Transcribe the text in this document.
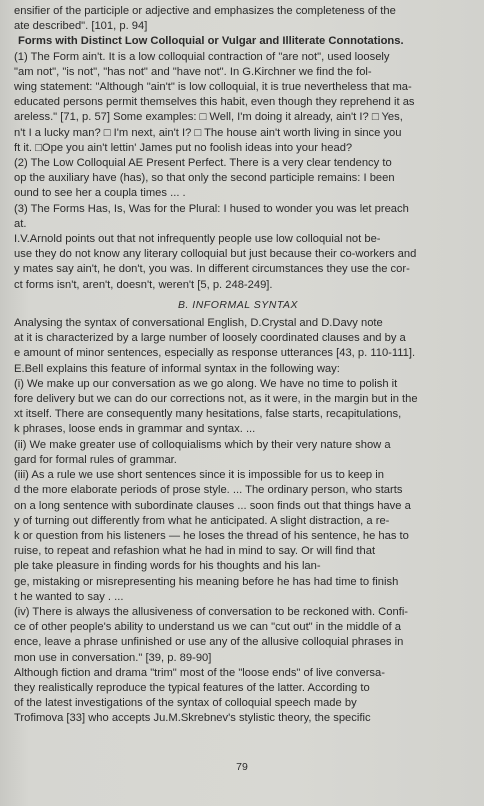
ensifier of the participle or adjective and emphasizes the completeness of the

ate described". [101, p. 94]

Forms with Distinct Low Colloquial or Vulgar and Illiterate Connotations.

(1) The Form ain't. It is a low colloquial contraction of "are not", used loosely

"am not", "is not", "has not" and "have not". In G.Kirchner we find the fol-

wing statement: "Although "ain't" is low colloquial, it is true nevertheless that ma-

educated persons permit themselves this habit, even though they reprehend it as

areless." [71, p. 57] Some examples: □ Well, I'm doing it already, ain't I? □ Yes,

n't I a lucky man? □ I'm next, ain't I? □ The house ain't worth living in since you

ft it. □Ope you ain't lettin' James put no foolish ideas into your head?

(2) The Low Colloquial AE Present Perfect. There is a very clear tendency to

op the auxiliary have (has), so that only the second participle remains: I been

ound to see her a coupla times ... .

(3) The Forms Has, Is, Was for the Plural: I hused to wonder you was let preach

at.

I.V.Arnold points out that not infrequently people use low colloquial not be-

use they do not know any literary colloquial but just because their co-workers and

y mates say ain't, he don't, you was. In different circumstances they use the cor-

ct forms isn't, aren't, doesn't, weren't [5, p. 248-249].

B. INFORMAL SYNTAX

Analysing the syntax of conversational English, D.Crystal and D.Davy note

at it is characterized by a large number of loosely coordinated clauses and by a

e amount of minor sentences, especially as response utterances [43, p. 110-111].

E.Bell explains this feature of informal syntax in the following way:

(i) We make up our conversation as we go along. We have no time to polish it

fore delivery but we can do our corrections not, as it were, in the margin but in the

xt itself. There are consequently many hesitations, false starts, recapitulations,

k phrases, loose ends in grammar and syntax. ...

(ii) We make greater use of colloquialisms which by their very nature show a

gard for formal rules of grammar.

(iii) As a rule we use short sentences since it is impossible for us to keep in

d the more elaborate periods of prose style. ... The ordinary person, who starts

on a long sentence with subordinate clauses ... soon finds out that things have a

y of turning out differently from what he anticipated. A slight distraction, a re-

k or question from his listeners — he loses the thread of his sentence, he has to

ruise, to repeat and refashion what he had in mind to say. Or will find that

ple take pleasure in finding words for his thoughts and his lan-

ge, mistaking or misrepresenting his meaning before he has had time to finish

t he wanted to say . ...

(iv) There is always the allusiveness of conversation to be reckoned with. Confi-

ce of other people's ability to understand us we can "cut out" in the middle of a

ence, leave a phrase unfinished or use any of the allusive colloquial phrases in

mon use in conversation." [39, p. 89-90]

Although fiction and drama "trim" most of the "loose ends" of live conversa-

they realistically reproduce the typical features of the latter. According to

of the latest investigations of the syntax of colloquial speech made by

Trofimova [33] who accepts Ju.M.Skrebnev's stylistic theory, the specific

79
